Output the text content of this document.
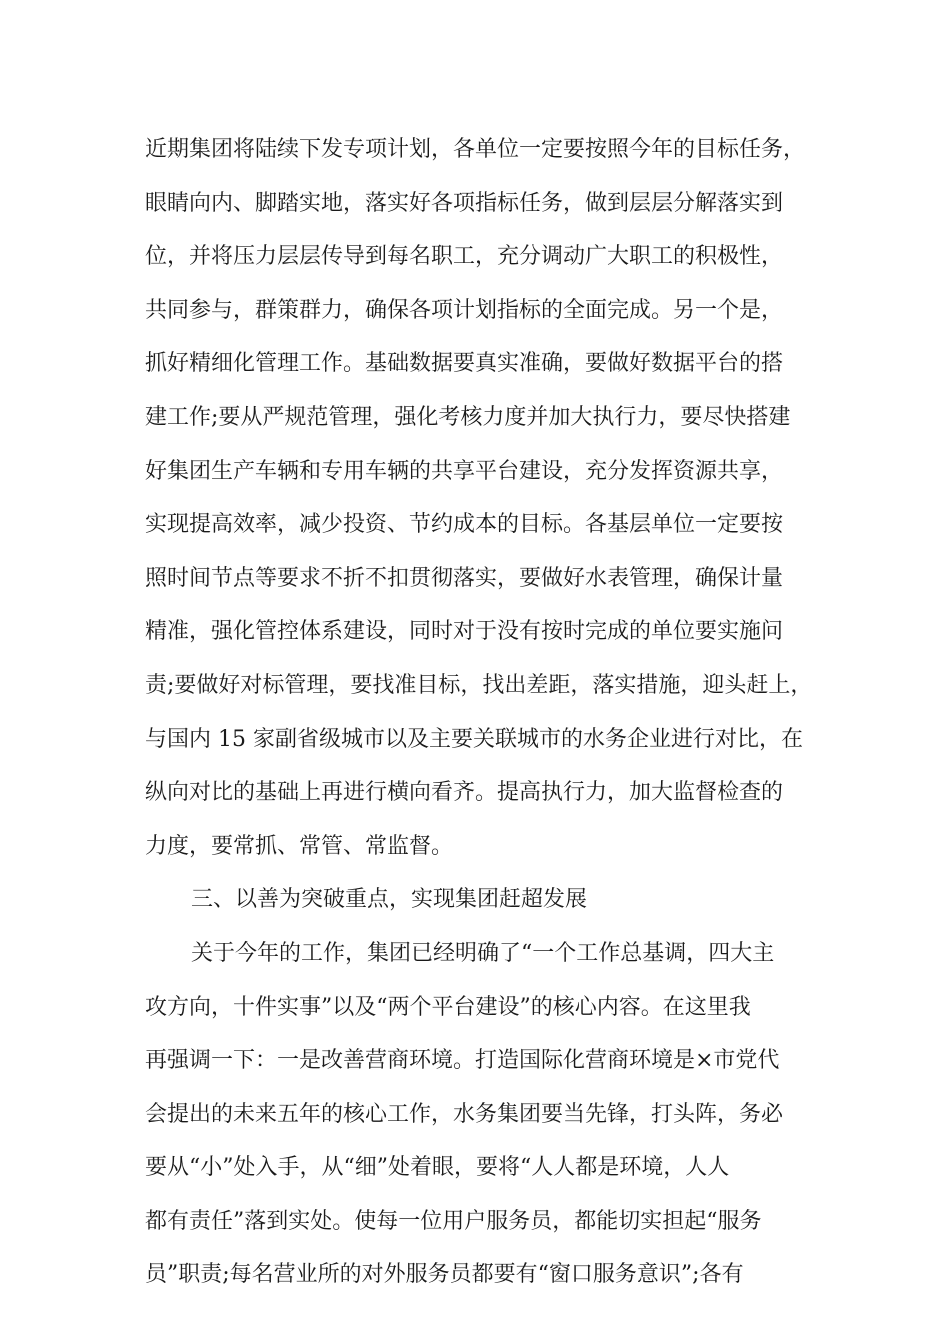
近期集团将陆续下发专项计划，各单位一定要按照今年的目标任务，
眼睛向内、脚踏实地，落实好各项指标任务，做到层层分解落实到
位，并将压力层层传导到每名职工，充分调动广大职工的积极性，
共同参与，群策群力，确保各项计划指标的全面完成。另一个是，
抓好精细化管理工作。基础数据要真实准确，要做好数据平台的搭
建工作;要从严规范管理，强化考核力度并加大执行力，要尽快搭建
好集团生产车辆和专用车辆的共享平台建设，充分发挥资源共享，
实现提高效率，减少投资、节约成本的目标。各基层单位一定要按
照时间节点等要求不折不扣贯彻落实，要做好水表管理，确保计量
精准，强化管控体系建设，同时对于没有按时完成的单位要实施问
责;要做好对标管理，要找准目标，找出差距，落实措施，迎头赶上，
与国内 15 家副省级城市以及主要关联城市的水务企业进行对比，在
纵向对比的基础上再进行横向看齐。提高执行力，加大监督检查的
力度，要常抓、常管、常监督。
三、以善为突破重点，实现集团赶超发展
关于今年的工作，集团已经明确了“一个工作总基调，四大主
攻方向，十件实事”以及“两个平台建设”的核心内容。在这里我
再强调一下：一是改善营商环境。打造国际化营商环境是×市党代
会提出的未来五年的核心工作，水务集团要当先锋，打头阵，务必
要从“小”处入手，从“细”处着眼，要将“人人都是环境，人人
都有责任”落到实处。使每一位用户服务员，都能切实担起“服务
员”职责;每名营业所的对外服务员都要有“窗口服务意识”;各有
